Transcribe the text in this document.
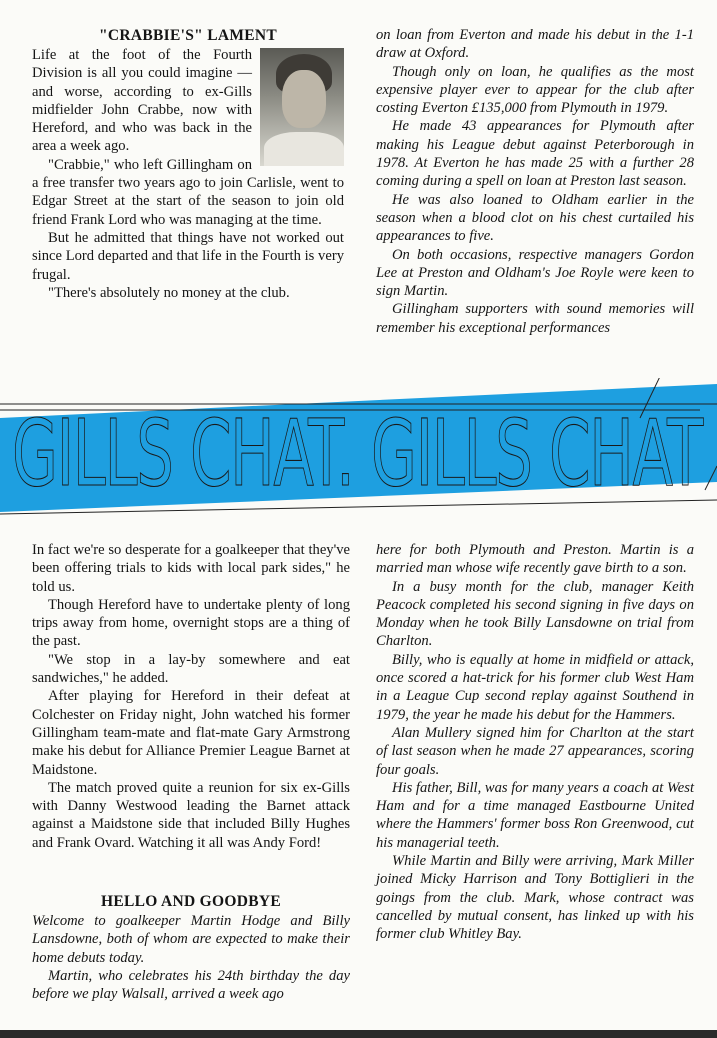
"CRABBIE'S" LAMENT

Life at the foot of the Fourth Division is all you could imagine — and worse, according to ex-Gills midfielder John Crabbe, now with Hereford, and who was back in the area a week ago.

"Crabbie," who left Gillingham on a free transfer two years ago to join Carlisle, went to Edgar Street at the start of the season to join old friend Frank Lord who was managing at the time.

But he admitted that things have not worked out since Lord departed and that life in the Fourth is very frugal.

"There's absolutely no money at the club.

on loan from Everton and made his debut in the 1-1 draw at Oxford.

Though only on loan, he qualifies as the most expensive player ever to appear for the club after costing Everton £135,000 from Plymouth in 1979.

He made 43 appearances for Plymouth after making his League debut against Peterborough in 1978. At Everton he has made 25 with a further 28 coming during a spell on loan at Preston last season.

He was also loaned to Oldham earlier in the season when a blood clot on his chest curtailed his appearances to five.

On both occasions, respective managers Gordon Lee at Preston and Oldham's Joe Royle were keen to sign Martin.

Gillingham supporters with sound memories will remember his exceptional performances

GILLS CHAT. GILLS CHAT

In fact we're so desperate for a goalkeeper that they've been offering trials to kids with local park sides," he told us.

Though Hereford have to undertake plenty of long trips away from home, overnight stops are a thing of the past.

"We stop in a lay-by somewhere and eat sandwiches," he added.

After playing for Hereford in their defeat at Colchester on Friday night, John watched his former Gillingham team-mate and flat-mate Gary Armstrong make his debut for Alliance Premier League Barnet at Maidstone.

The match proved quite a reunion for six ex-Gills with Danny Westwood leading the Barnet attack against a Maidstone side that included Billy Hughes and Frank Ovard. Watching it all was Andy Ford!

HELLO AND GOODBYE

Welcome to goalkeeper Martin Hodge and Billy Lansdowne, both of whom are expected to make their home debuts today.

Martin, who celebrates his 24th birthday the day before we play Walsall, arrived a week ago

here for both Plymouth and Preston. Martin is a married man whose wife recently gave birth to a son.

In a busy month for the club, manager Keith Peacock completed his second signing in five days on Monday when he took Billy Lansdowne on trial from Charlton.

Billy, who is equally at home in midfield or attack, once scored a hat-trick for his former club West Ham in a League Cup second replay against Southend in 1979, the year he made his debut for the Hammers.

Alan Mullery signed him for Charlton at the start of last season when he made 27 appearances, scoring four goals.

His father, Bill, was for many years a coach at West Ham and for a time managed Eastbourne United where the Hammers' former boss Ron Greenwood, cut his managerial teeth.

While Martin and Billy were arriving, Mark Miller joined Micky Harrison and Tony Bottiglieri in the goings from the club. Mark, whose contract was cancelled by mutual consent, has linked up with his former club Whitley Bay.
